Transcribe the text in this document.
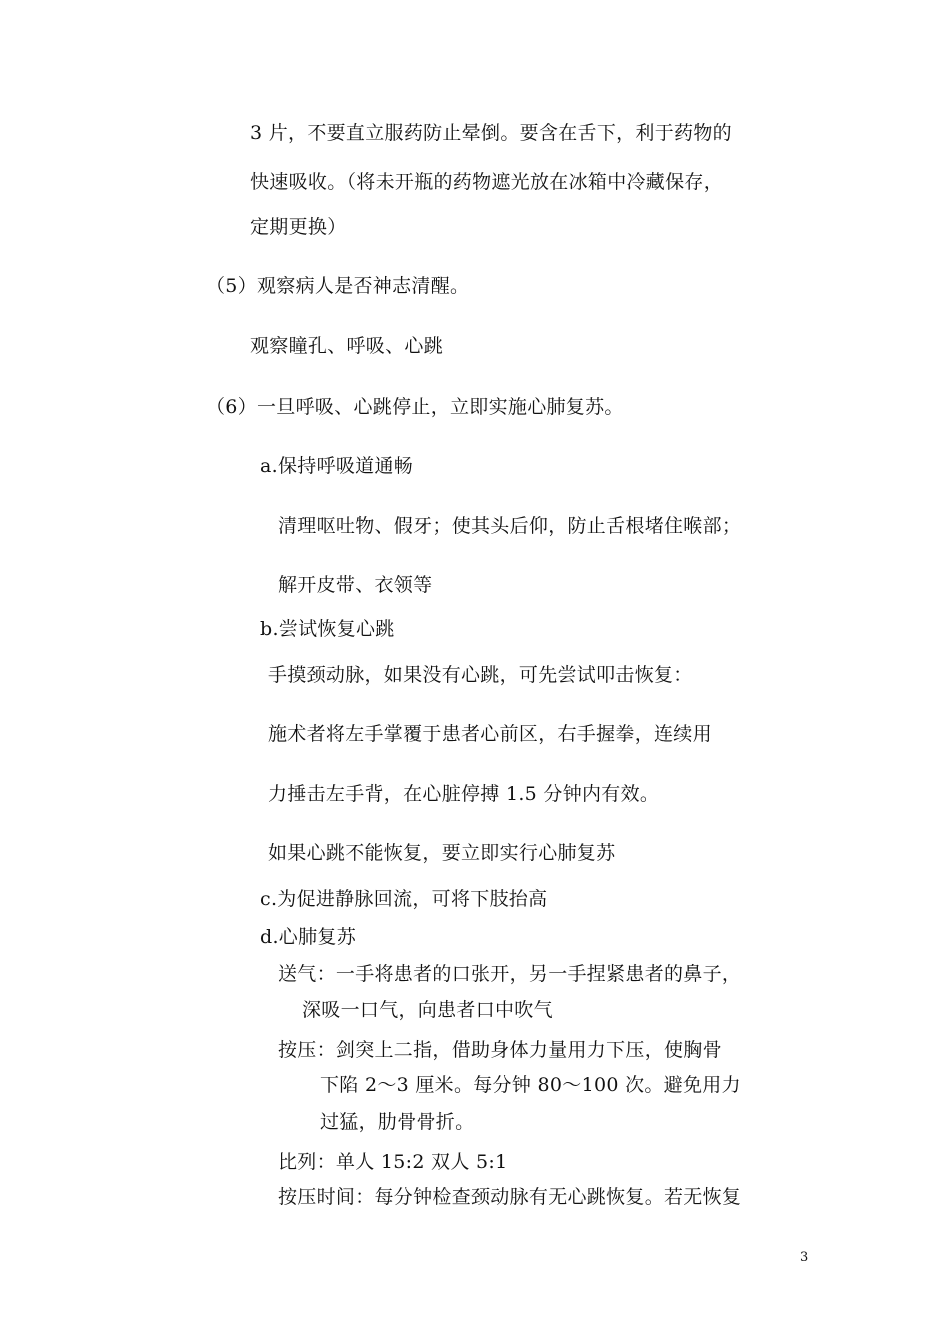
3 片，不要直立服药防止晕倒。要含在舌下，利于药物的
快速吸收。（将未开瓶的药物遮光放在冰箱中冷藏保存，
定期更换）
（5）观察病人是否神志清醒。
观察瞳孔、呼吸、心跳
（6）一旦呼吸、心跳停止，立即实施心肺复苏。
a.保持呼吸道通畅
清理呕吐物、假牙；使其头后仰，防止舌根堵住喉部；
解开皮带、衣领等
b.尝试恢复心跳
手摸颈动脉，如果没有心跳，可先尝试叩击恢复：
施术者将左手掌覆于患者心前区，右手握拳，连续用
力捶击左手背，在心脏停搏 1.5 分钟内有效。
如果心跳不能恢复，要立即实行心肺复苏
c.为促进静脉回流，可将下肢抬高
d.心肺复苏
送气：一手将患者的口张开，另一手捏紧患者的鼻子，
深吸一口气，向患者口中吹气
按压：剑突上二指，借助身体力量用力下压，使胸骨
下陷 2～3 厘米。每分钟 80～100 次。避免用力
过猛，肋骨骨折。
比列：单人 15:2 双人 5:1
按压时间：每分钟检查颈动脉有无心跳恢复。若无恢复
3
